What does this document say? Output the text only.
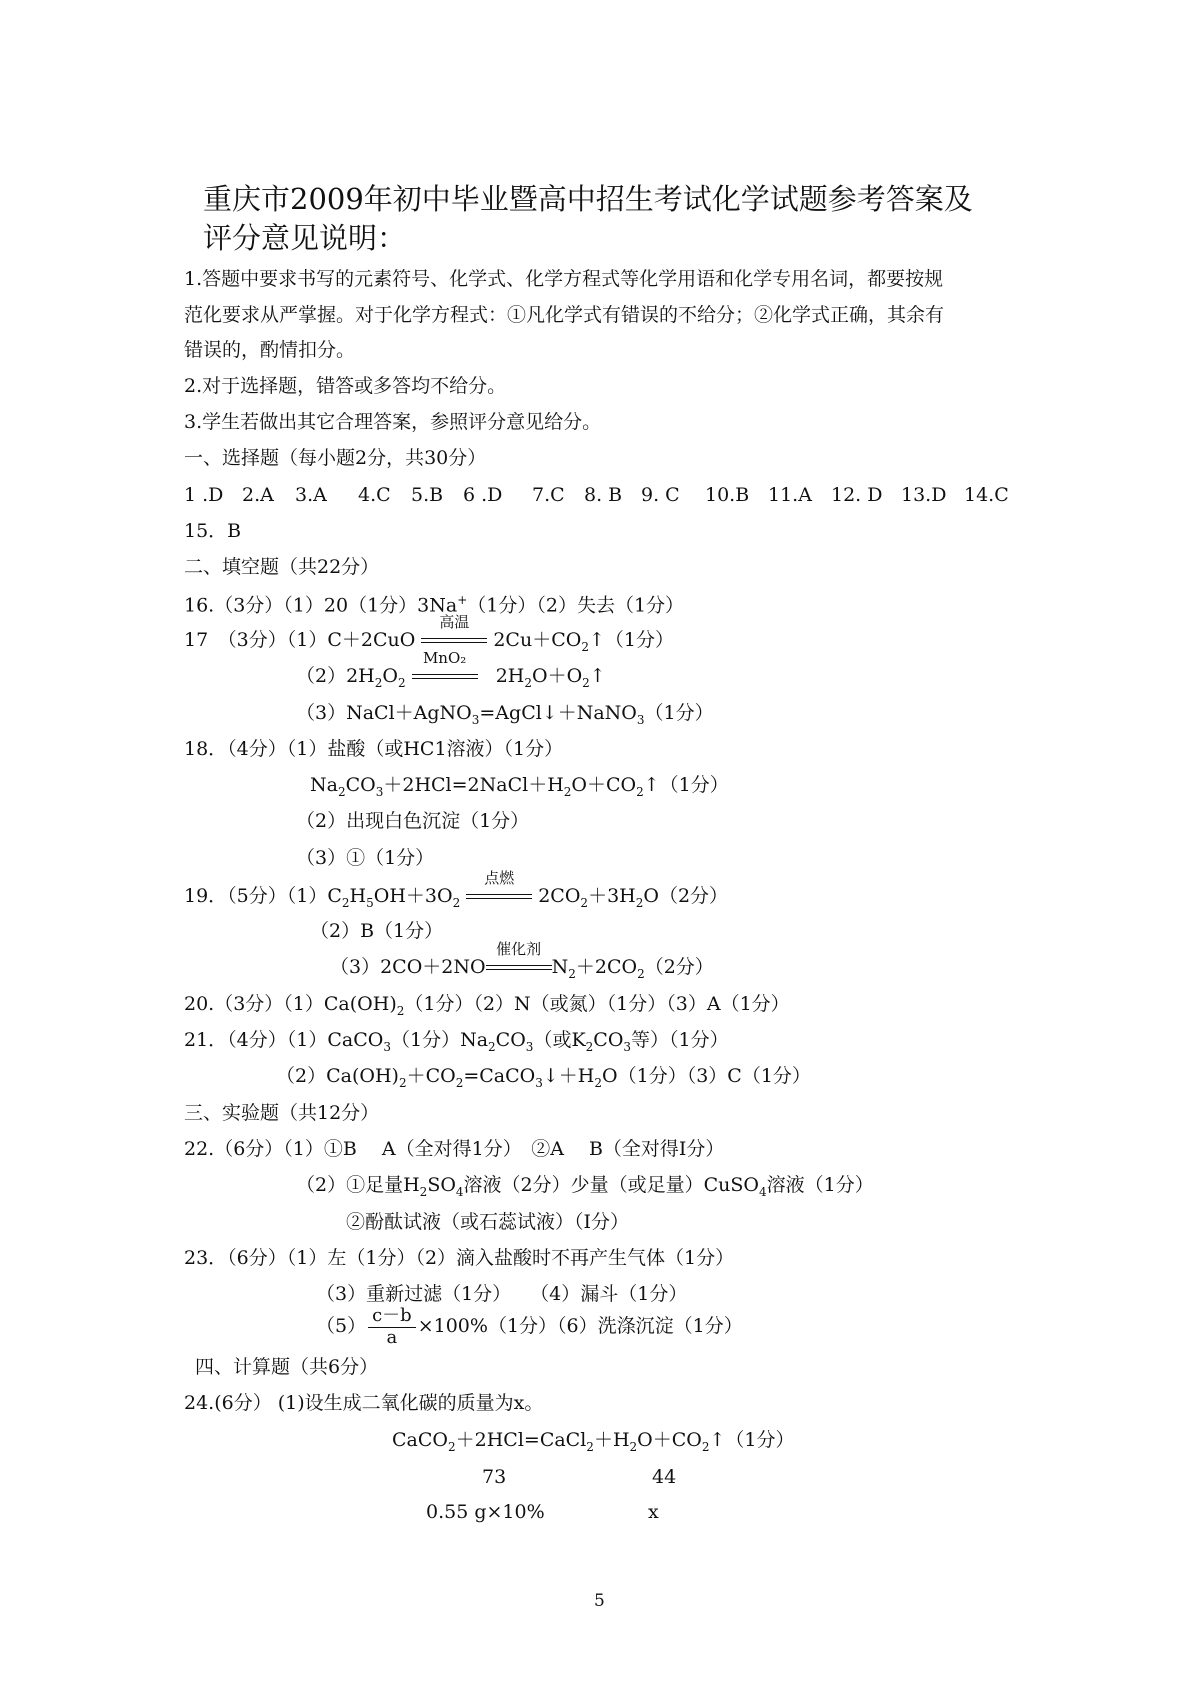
重庆市2009年初中毕业暨高中招生考试化学试题参考答案及
评分意见说明：
1.答题中要求书写的元素符号、化学式、化学方程式等化学用语和化学专用名词，都要按规
范化要求从严掌握。对于化学方程式：①凡化学式有错误的不给分；②化学式正确，其余有
错误的，酌情扣分。
2.对于选择题，错答或多答均不给分。
3.学生若做出其它合理答案，参照评分意见给分。
一、选择题（每小题2分，共30分）
1 .D 2.A 3.A 4.C 5.B 6 .D 7.C 8. B 9. C 10.B 11.A 12. D 13.D 14.C
15．B
二、填空题（共22分）
16.（3分）（1）20（1分）3Na+（1分）（2）失去（1分）
17　（3分）（1）C＋2CuO
高温
$2Cu+CO_2↑(1$分）
$(2)2H_2O_2$
MnO₂
$2H_2O+O_2↑$
（3）NaCl＋AgNO$_3$=AgCl↓＋NaNO$_3$（1分）
18．（4分）（1）盐酸（或HC1溶液）（1分）
$Na_2CO_3+2HCl=2NaCl+H_2O+CO_2↑(1$分）
（2）出现白色沉淀（1分）
（3）①（1分）
19．（5分）$(1)C_2H_5OH+3O_2$
点燃
$2CO_2+3H_2O(2$分）
（2）B（1分）
（3）2CO＋2NO
催化剂
$N_2+2CO_2(2$分）
20.（3分）$(1)Ca(OH)_2(1$分）（2）N（或氮）（1分）（3）A（1分）
21．（4分）（1）CaCO$_3$（1分）$Na_2CO_3$（或$K_2CO_3$等）（1分）
$(2)Ca(OH)_2+CO_2=CaCO_3↓+H_2O(1$分）（3）C（1分）
三、实验题（共12分）
22.（6分）（1）①B　 A（全对得1分）　②A　 B（全对得I分）
（2）①足量$H_2SO_4$溶液（2分）少量（或足量）CuSO$_4$溶液（1分）
②酚酞试液（或石蕊试液）（I分）
23．（6分）（1）左（1分）（2）滴入盐酸时不再产生气体（1分）
（3）重新过滤（1分）　　（4）漏斗（1分）
$(5) \frac{c-b}{a} \times 100\%(1$分）（6）洗涤沉淀（1分）
四、计算题（共6分）
24.(6分） (1)设生成二氧化碳的质量为x。
$CaCO_2+2HCl=CaCl_2+H_2O+CO_2↑(1$分）
73	44
0.55 g×10%	x
5
